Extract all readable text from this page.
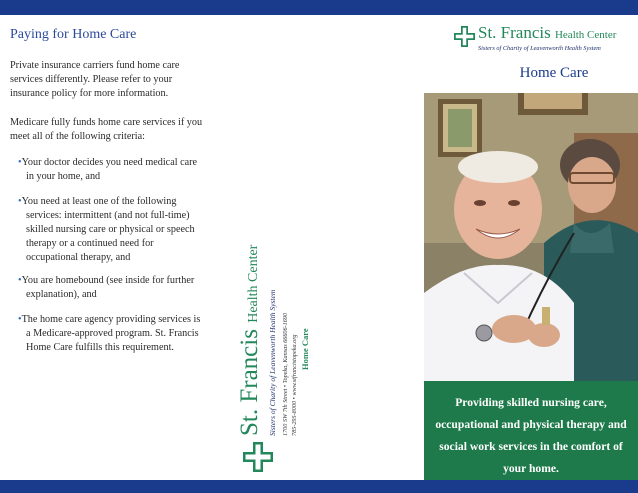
Paying for Home Care
Private insurance carriers fund home care services differently. Please refer to your insurance policy for more information.
Medicare fully funds home care services if you meet all of the following criteria:
•Your doctor decides you need medical care in your home, and
•You need at least one of the following services: intermittent (and not full-time) skilled nursing care or physical or speech therapy or a continued need for occupational therapy, and
•You are homebound (see inside for further explanation), and
•The home care agency providing services is a Medicare-approved program. St. Francis Home Care fulfills this requirement.	St. Francis Health Center
Sisters of Charity of Leavenworth Health System 1700 SW 7th Street • Topeka, Kansas 66606-1690 785-295-8000 • www.stfrancistopeka.org Home Care
St. Francis Health Center
Sisters of Charity of Leavenworth Health System
Home Care

Providing skilled nursing care, occupational and physical therapy and social work services in the comfort of your home.
